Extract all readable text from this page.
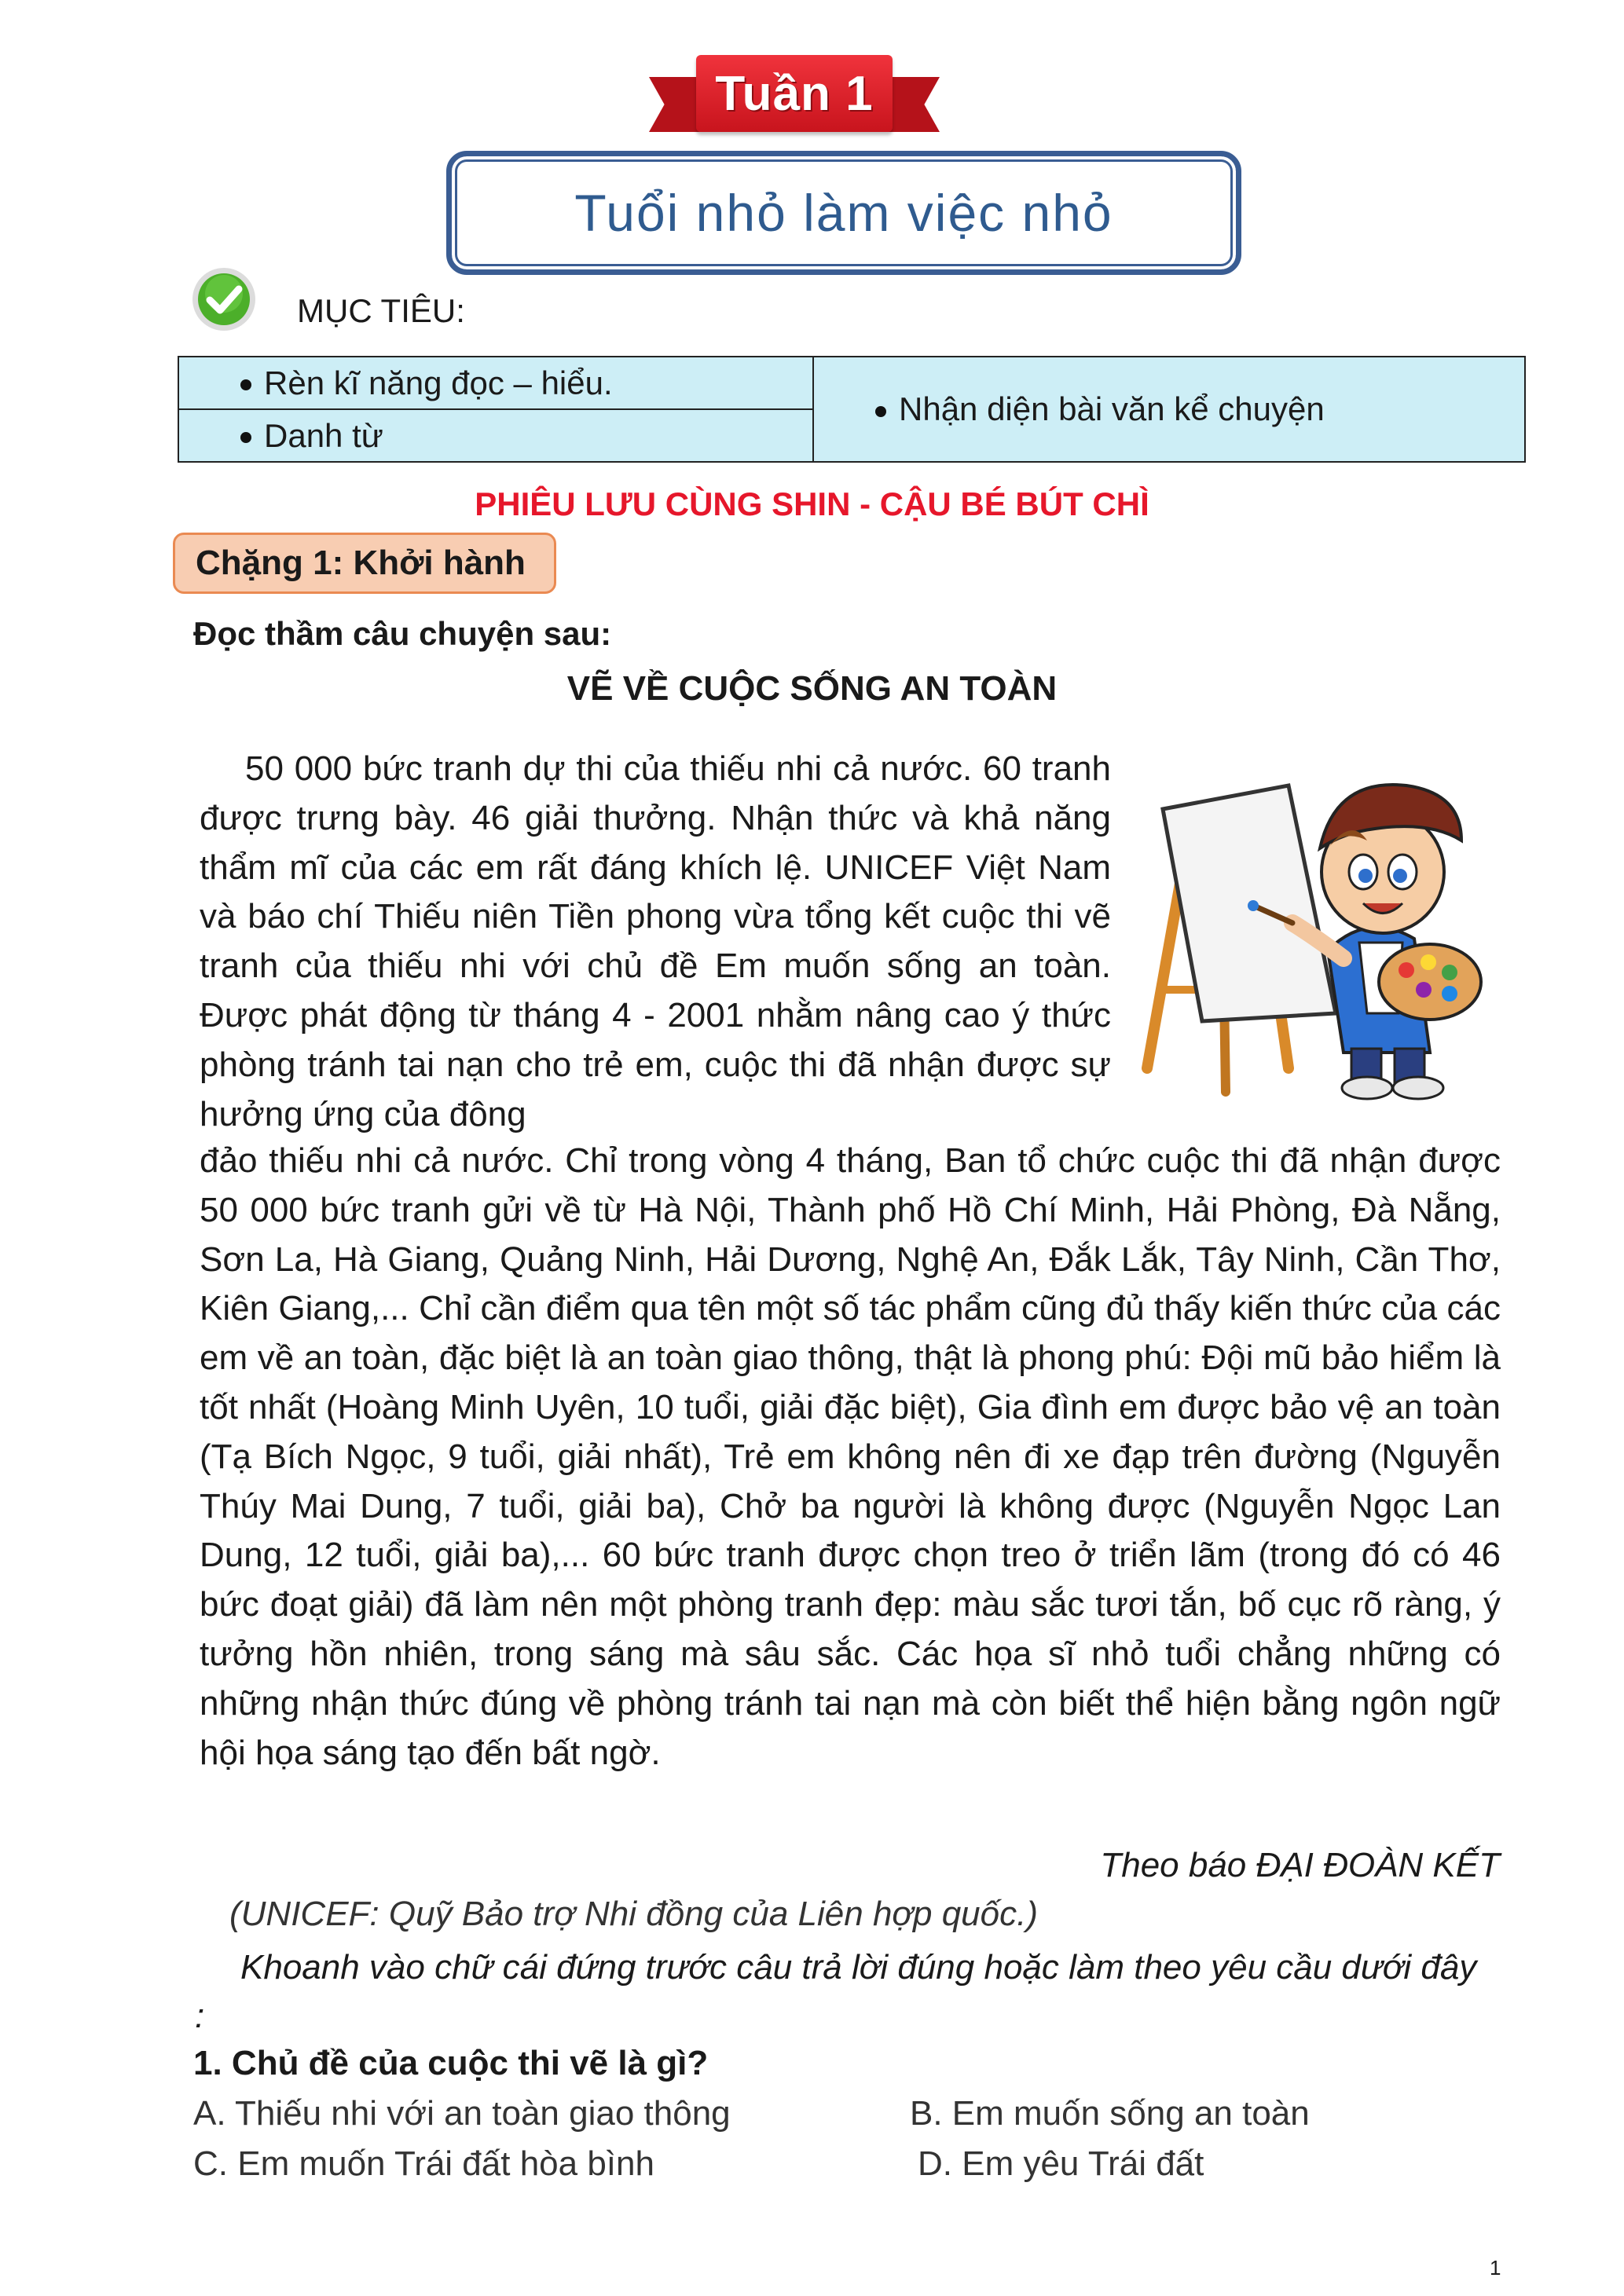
Tuần 1
Tuổi nhỏ làm việc nhỏ
MỤC TIÊU:
Rèn kĩ năng đọc – hiểu.	Nhận diện bài văn kể chuyện
Danh từ
PHIÊU LƯU CÙNG SHIN - CẬU BÉ BÚT CHÌ
Chặng 1: Khởi hành
Đọc thầm câu chuyện sau:
VẼ VỀ CUỘC SỐNG AN TOÀN
50 000 bức tranh dự thi của thiếu nhi cả nước. 60 tranh được trưng bày. 46 giải thưởng. Nhận thức và khả năng thẩm mĩ của các em rất đáng khích lệ. UNICEF Việt Nam và báo chí Thiếu niên Tiền phong vừa tổng kết cuộc thi vẽ tranh của thiếu nhi với chủ đề Em muốn sống an toàn. Được phát động từ tháng 4 - 2001 nhằm nâng cao ý thức phòng tránh tai nạn cho trẻ em, cuộc thi đã nhận được sự hưởng ứng của đông
đảo thiếu nhi cả nước. Chỉ trong vòng 4 tháng, Ban tổ chức cuộc thi đã nhận được 50 000 bức tranh gửi về từ Hà Nội, Thành phố Hồ Chí Minh, Hải Phòng, Đà Nẵng, Sơn La, Hà Giang, Quảng Ninh, Hải Dương, Nghệ An, Đắk Lắk, Tây Ninh, Cần Thơ, Kiên Giang,... Chỉ cần điểm qua tên một số tác phẩm cũng đủ thấy kiến thức của các em về an toàn, đặc biệt là an toàn giao thông, thật là phong phú: Đội mũ bảo hiểm là tốt nhất (Hoàng Minh Uyên, 10 tuổi, giải đặc biệt), Gia đình em được bảo vệ an toàn (Tạ Bích Ngọc, 9 tuổi, giải nhất), Trẻ em không nên đi xe đạp trên đường (Nguyễn Thúy Mai Dung, 7 tuổi, giải ba), Chở ba người là không được (Nguyễn Ngọc Lan Dung, 12 tuổi, giải ba),... 60 bức tranh được chọn treo ở triển lãm (trong đó có 46 bức đoạt giải) đã làm nên một phòng tranh đẹp: màu sắc tươi tắn, bố cục rõ ràng, ý tưởng hồn nhiên, trong sáng mà sâu sắc. Các họa sĩ nhỏ tuổi chẳng những có những nhận thức đúng về phòng tránh tai nạn mà còn biết thể hiện bằng ngôn ngữ hội họa sáng tạo đến bất ngờ.
Theo báo ĐẠI ĐOÀN KẾT
(UNICEF: Quỹ Bảo trợ Nhi đồng của Liên hợp quốc.)
Khoanh vào chữ cái đứng trước câu trả lời đúng hoặc làm theo yêu cầu dưới đây :
1. Chủ đề của cuộc thi vẽ là gì?
A. Thiếu nhi với an toàn giao thông	B. Em muốn sống an toàn
C. Em muốn Trái đất hòa bình	D. Em yêu Trái đất
1
